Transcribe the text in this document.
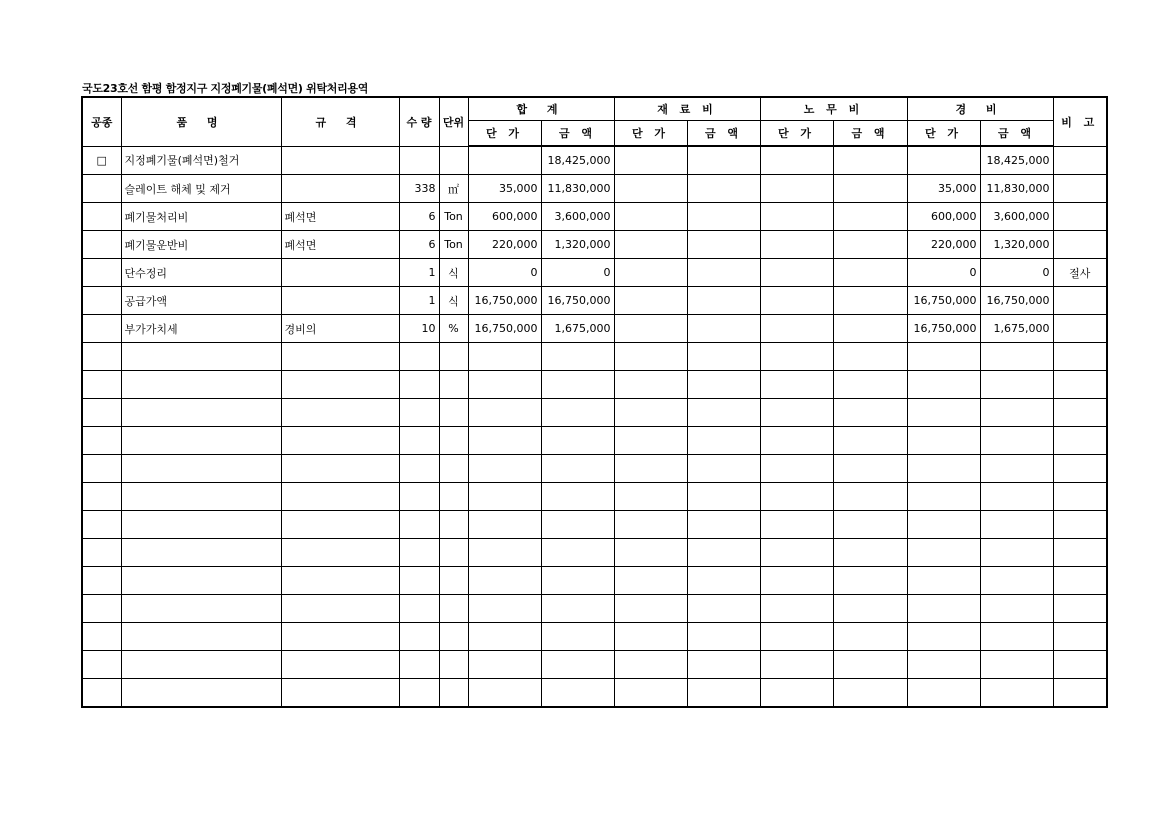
국도23호선 함평 함정지구 지정폐기물(폐석면) 위탁처리용역
공종	품 명	규 격	수 량	단위	합 계		재 료 비		노 무 비		경 비		비 고
					단 가	금 액	단 가	금 액	단 가	금 액	단 가	금 액	
□	지정폐기물(폐석면)철거					18,425,000						18,425,000	
	슬레이트 해체 및 제거		338	㎡	35,000	11,830,000					35,000	11,830,000	
	폐기물처리비	폐석면	6	Ton	600,000	3,600,000					600,000	3,600,000	
	폐기물운반비	폐석면	6	Ton	220,000	1,320,000					220,000	1,320,000	
	단수정리		1	식	0	0					0	0	절사
	공급가액		1	식	16,750,000	16,750,000					16,750,000	16,750,000	
	부가가치세	경비의	10	%	16,750,000	1,675,000					16,750,000	1,675,000	
